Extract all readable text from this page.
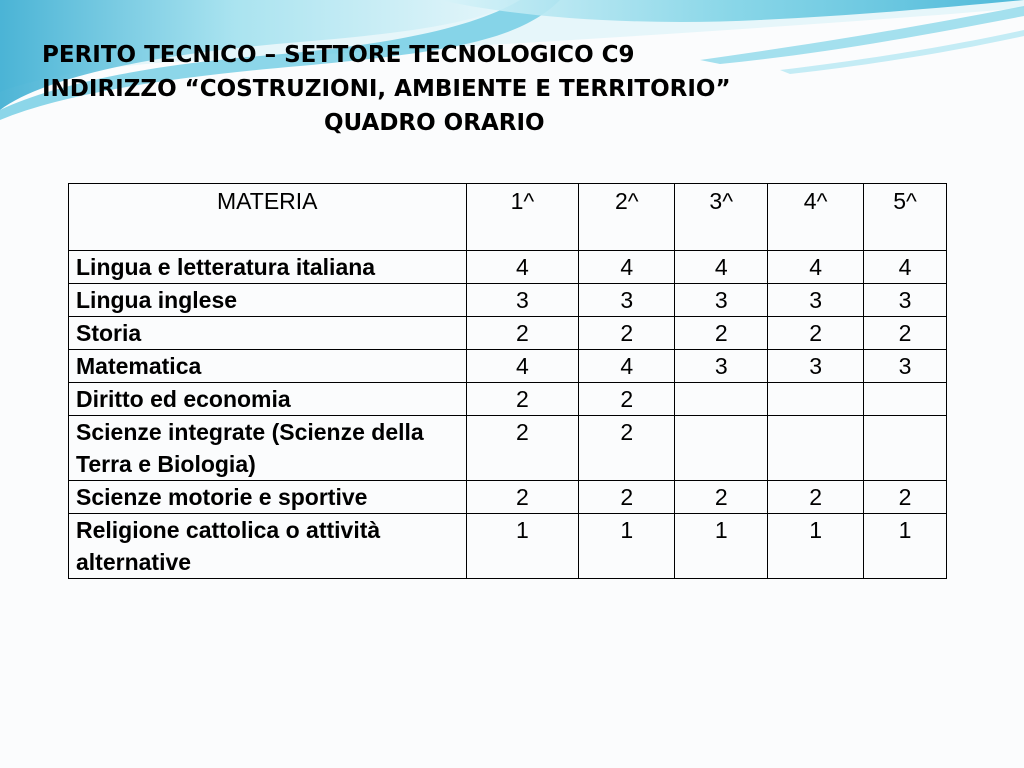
PERITO TECNICO – SETTORE TECNOLOGICO C9
INDIRIZZO “COSTRUZIONI, AMBIENTE E TERRITORIO”
QUADRO ORARIO
MATERIA	1^	2^	3^	4^	5^
Lingua e letteratura italiana	4	4	4	4	4
Lingua inglese	3	3	3	3	3
Storia	2	2	2	2	2
Matematica	4	4	3	3	3
Diritto ed economia	2	2			
Scienze integrate (Scienze della Terra e Biologia)	2	2			
Scienze motorie e sportive	2	2	2	2	2
Religione cattolica o attività alternative	1	1	1	1	1
